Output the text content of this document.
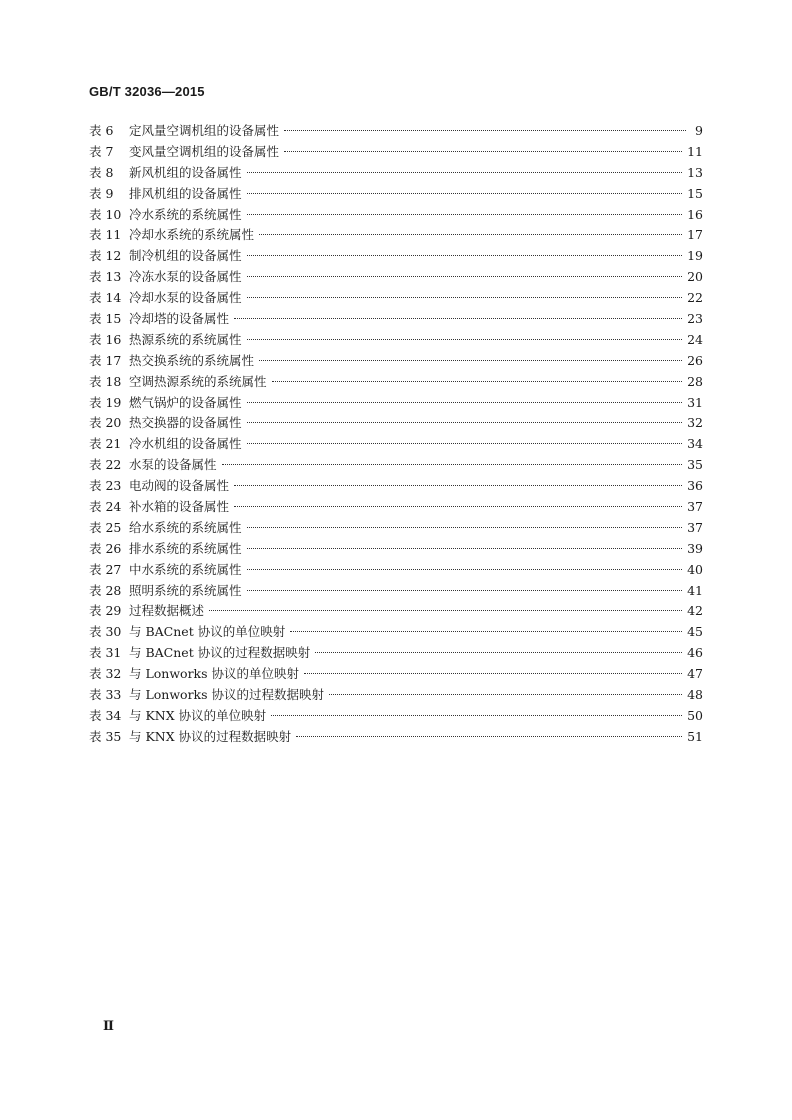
GB/T 32036—2015
表 6	定风量空调机组的设备属性	9
表 7	变风量空调机组的设备属性	11
表 8	新风机组的设备属性	13
表 9	排风机组的设备属性	15
表 10 冷水系统的系统属性	16
表 11 冷却水系统的系统属性	17
表 12 制冷机组的设备属性	19
表 13 冷冻水泵的设备属性	20
表 14 冷却水泵的设备属性	22
表 15 冷却塔的设备属性	23
表 16 热源系统的系统属性	24
表 17 热交换系统的系统属性	26
表 18 空调热源系统的系统属性	28
表 19 燃气锅炉的设备属性	31
表 20 热交换器的设备属性	32
表 21 冷水机组的设备属性	34
表 22 水泵的设备属性	35
表 23 电动阀的设备属性	36
表 24 补水箱的设备属性	37
表 25 给水系统的系统属性	37
表 26 排水系统的系统属性	39
表 27 中水系统的系统属性	40
表 28 照明系统的系统属性	41
表 29 过程数据概述	42
表 30 与 BACnet 协议的单位映射	45
表 31 与 BACnet 协议的过程数据映射	46
表 32 与 Lonworks 协议的单位映射	47
表 33 与 Lonworks 协议的过程数据映射	48
表 34 与 KNX 协议的单位映射	50
表 35 与 KNX 协议的过程数据映射	51
Ⅱ
